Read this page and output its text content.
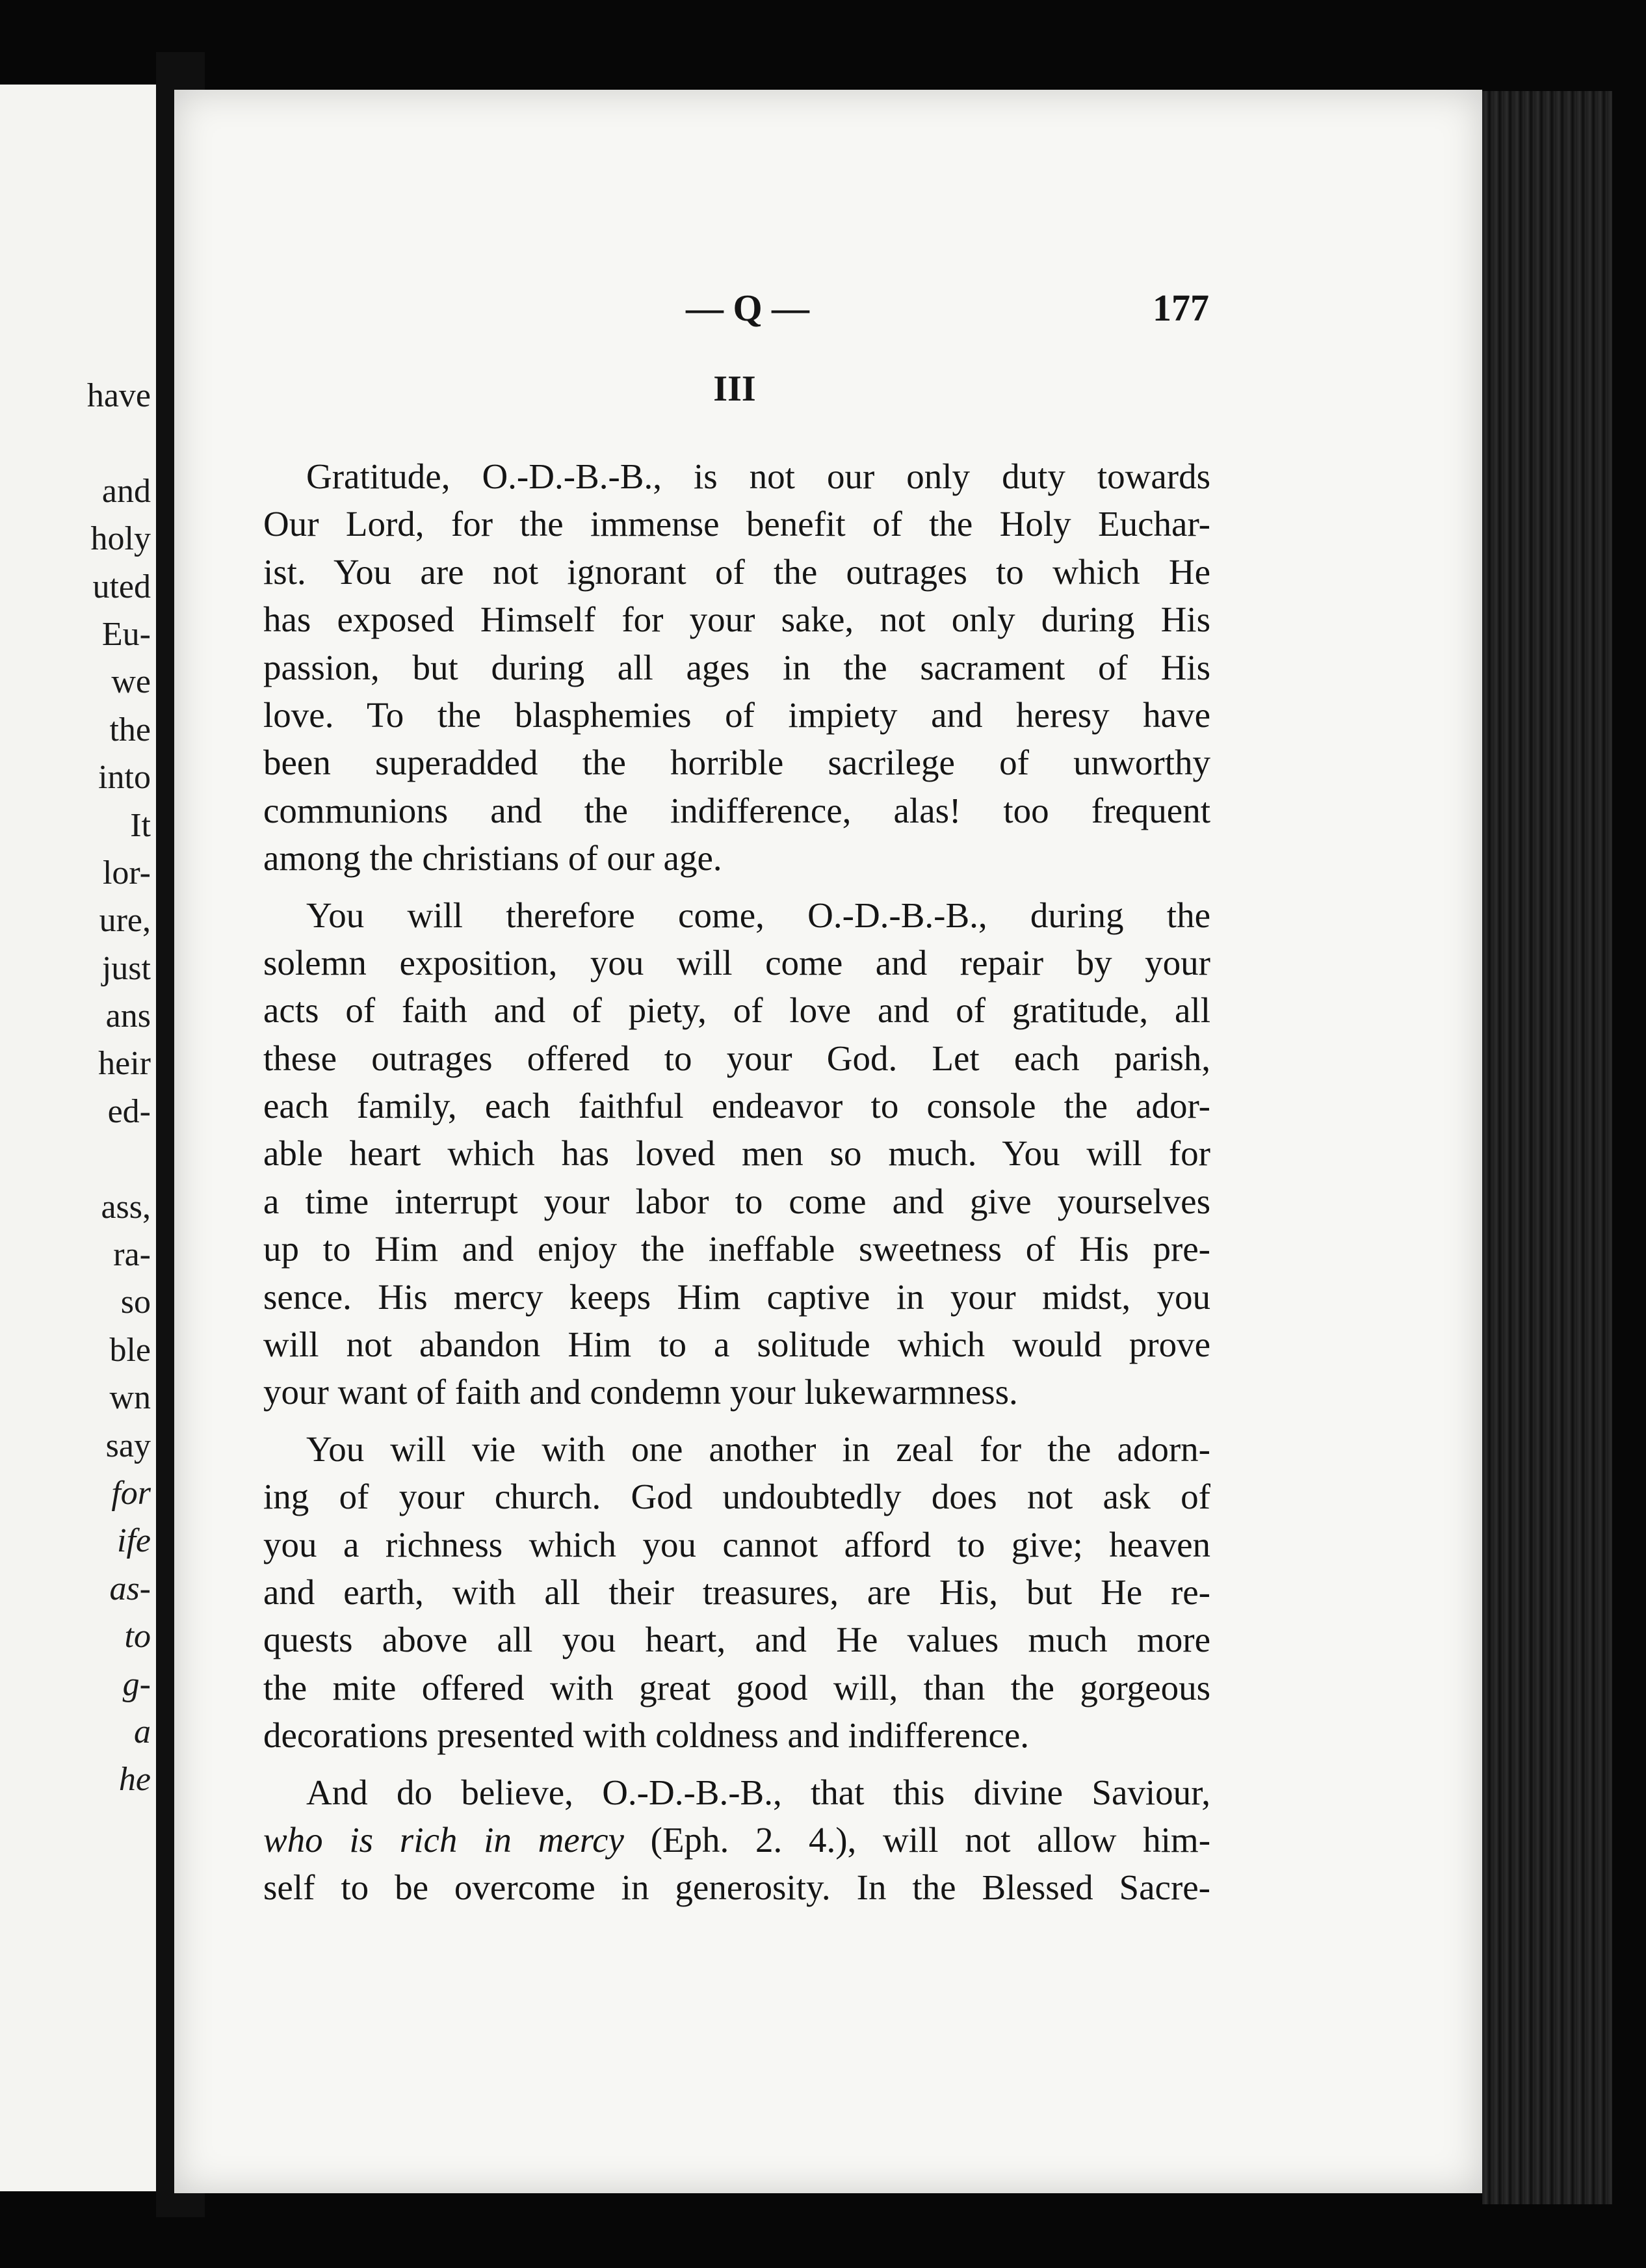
have
and
holy
uted
Eu-
we
the
into
It
lor-
ure,
just
ans
heir
ed-
ass,
ra-
so
ble
wn
say
for
ife
as-
to
g-
a
he
— Q —	177
III
Gratitude, O.-D.-B.-B., is not our only duty towards
Our Lord, for the immense benefit of the Holy Euchar-
ist. You are not ignorant of the outrages to which He
has exposed Himself for your sake, not only during His
passion, but during all ages in the sacrament of His
love. To the blasphemies of impiety and heresy have
been superadded the horrible sacrilege of unworthy
communions and the indifference, alas! too frequent
among the christians of our age.
You will therefore come, O.-D.-B.-B., during the
solemn exposition, you will come and repair by your
acts of faith and of piety, of love and of gratitude, all
these outrages offered to your God. Let each parish,
each family, each faithful endeavor to console the ador-
able heart which has loved men so much. You will for
a time interrupt your labor to come and give yourselves
up to Him and enjoy the ineffable sweetness of His pre-
sence. His mercy keeps Him captive in your midst, you
will not abandon Him to a solitude which would prove
your want of faith and condemn your lukewarmness.
You will vie with one another in zeal for the adorn-
ing of your church. God undoubtedly does not ask of
you a richness which you cannot afford to give; heaven
and earth, with all their treasures, are His, but He re-
quests above all you heart, and He values much more
the mite offered with great good will, than the gorgeous
decorations presented with coldness and indifference.
And do believe, O.-D.-B.-B., that this divine Saviour,
who is rich in mercy (Eph. 2. 4.), will not allow him-
self to be overcome in generosity. In the Blessed Sacre-
